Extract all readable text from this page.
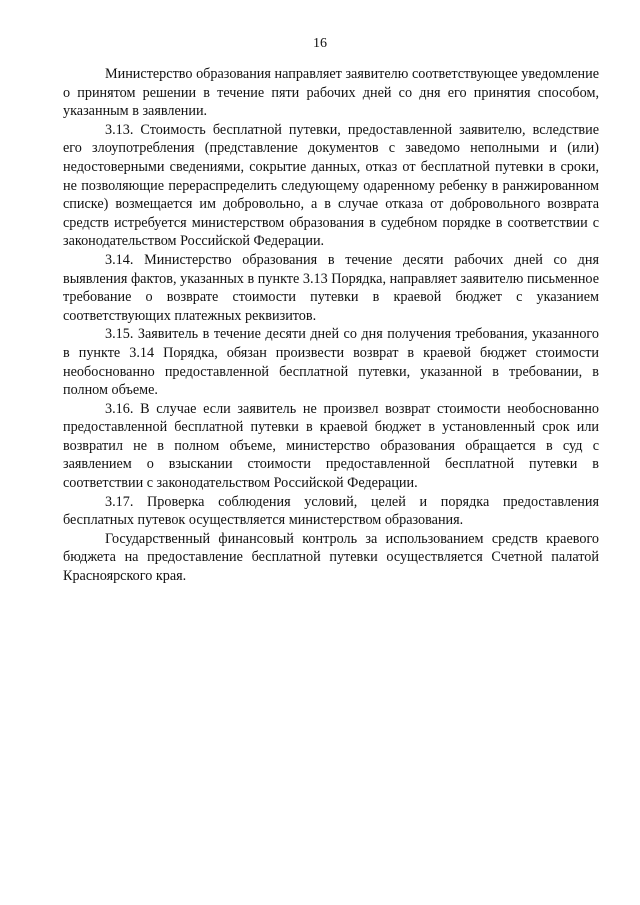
16

Министерство образования направляет заявителю соответствующее уведомление о принятом решении в течение пяти рабочих дней со дня его принятия способом, указанным в заявлении.

3.13. Стоимость бесплатной путевки, предоставленной заявителю, вследствие его злоупотребления (представление документов с заведомо неполными и (или) недостоверными сведениями, сокрытие данных, отказ от бесплатной путевки в сроки, не позволяющие перераспределить следующему одаренному ребенку в ранжированном списке) возмещается им добровольно, а в случае отказа от добровольного возврата средств истребуется министерством образования в судебном порядке в соответствии с законодательством Российской Федерации.

3.14. Министерство образования в течение десяти рабочих дней со дня выявления фактов, указанных в пункте 3.13 Порядка, направляет заявителю письменное требование о возврате стоимости путевки в краевой бюджет с указанием соответствующих платежных реквизитов.

3.15. Заявитель в течение десяти дней со дня получения требования, указанного в пункте 3.14 Порядка, обязан произвести возврат в краевой бюджет стоимости необоснованно предоставленной бесплатной путевки, указанной в требовании, в полном объеме.

3.16. В случае если заявитель не произвел возврат стоимости необоснованно предоставленной бесплатной путевки в краевой бюджет в установленный срок или возвратил не в полном объеме, министерство образования обращается в суд с заявлением о взыскании стоимости предоставленной бесплатной путевки в соответствии с законодательством Российской Федерации.

3.17. Проверка соблюдения условий, целей и порядка предоставления бесплатных путевок осуществляется министерством образования.

Государственный финансовый контроль за использованием средств краевого бюджета на предоставление бесплатной путевки осуществляется Счетной палатой Красноярского края.
